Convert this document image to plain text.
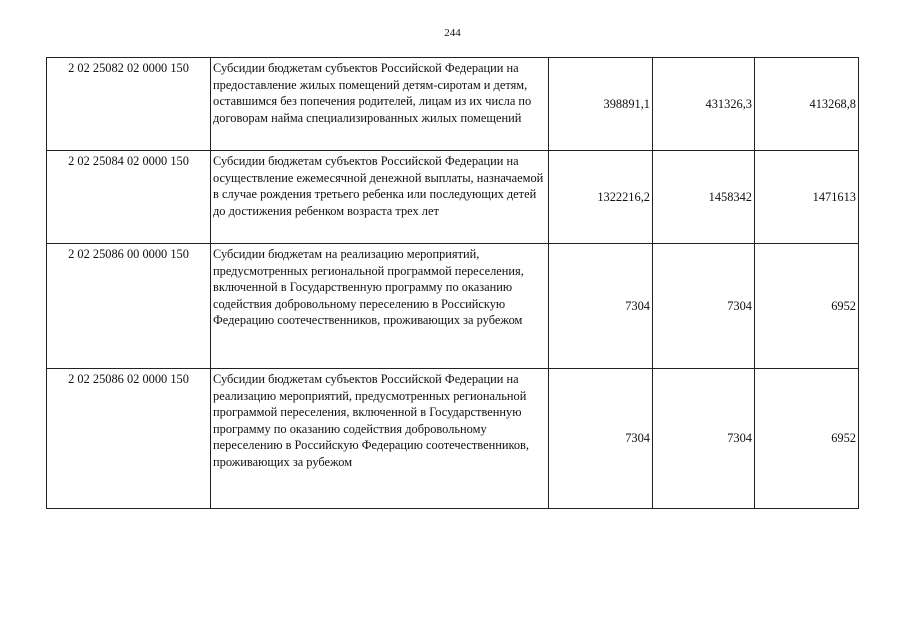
244
2 02 25082 02 0000 150	Субсидии бюджетам субъектов Российской Федерации на предоставление жилых помещений детям-сиротам и детям, оставшимся без попечения родителей, лицам из их числа по договорам найма специализированных жилых помещений	398891,1	431326,3	413268,8

2 02 25084 02 0000 150	Субсидии бюджетам субъектов Российской Федерации на осуществление ежемесячной денежной выплаты, назначаемой в случае рождения третьего ребенка или последующих детей до достижения ребенком возраста трех лет	1322216,2	1458342	1471613

2 02 25086 00 0000 150	Субсидии бюджетам на реализацию мероприятий, предусмотренных региональной программой переселения, включенной в Государственную программу по оказанию содействия добровольному переселению в Российскую Федерацию соотечественников, проживающих за рубежом	7304	7304	6952

2 02 25086 02 0000 150	Субсидии бюджетам субъектов Российской Федерации на реализацию мероприятий, предусмотренных региональной программой переселения, включенной в Государственную программу по оказанию содействия добровольному переселению в Российскую Федерацию соотечественников, проживающих за рубежом	7304	7304	6952
